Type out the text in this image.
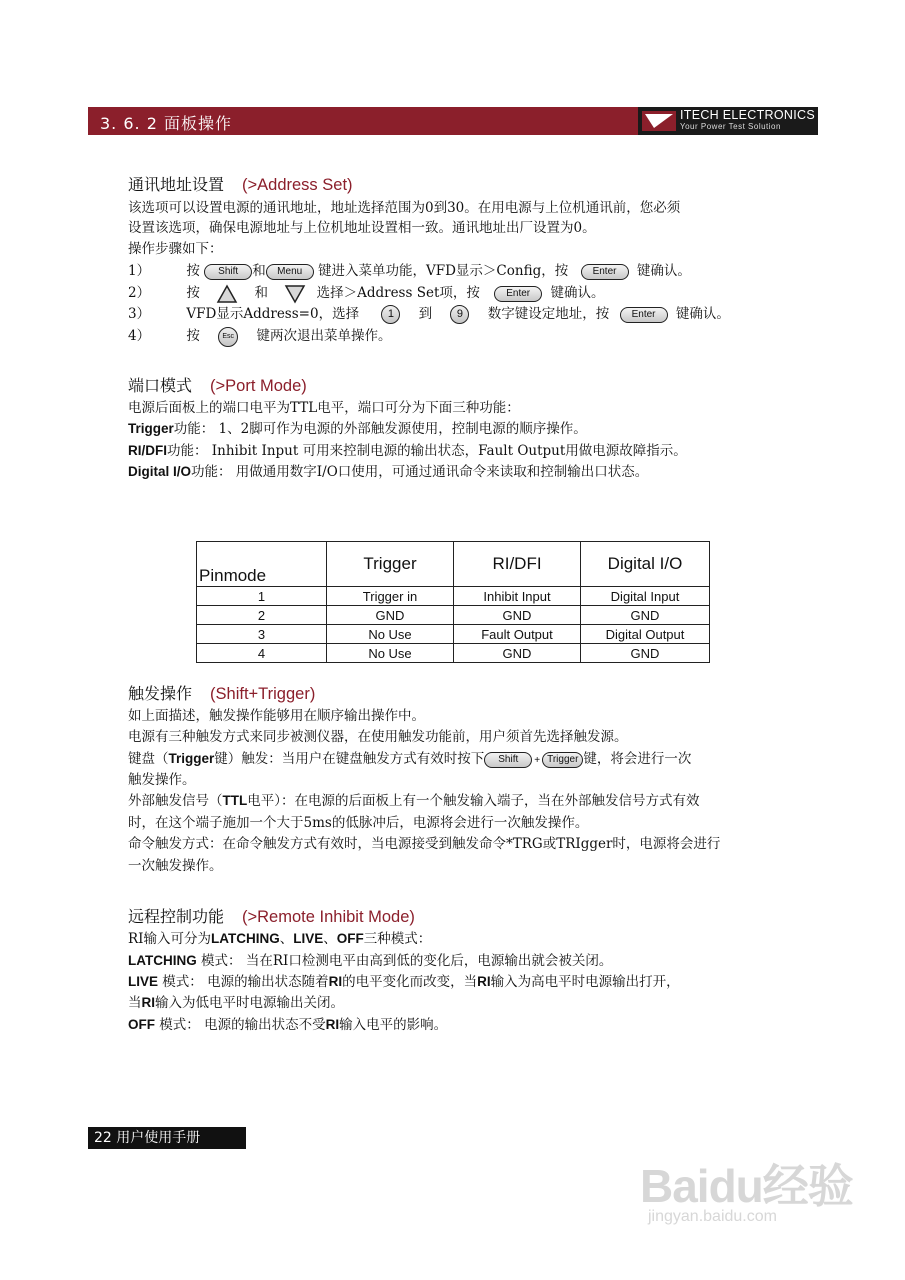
3. 6. 2 面板操作	ITECH ELECTRONICS
Your Power Test Solution
通讯地址设置 (>Address Set)
该选项可以设置电源的通讯地址，地址选择范围为0到30。在用电源与上位机通讯前，您必须
设置该选项，确保电源地址与上位机地址设置相一致。通讯地址出厂设置为0。
操作步骤如下：
1）	按 Shift 和 Menu 键进入菜单功能，VFD显示＞Config，按 Enter 键确认。
2）	按	和	选择＞Address Set项，按	Enter 键确认。
3）	VFD显示Address=0，选择	1 到 9 数字键设定地址，按 Enter 键确认。
4）	按	Esc 键两次退出菜单操作。
端口模式 (>Port Mode)
电源后面板上的端口电平为TTL电平，端口可分为下面三种功能：
Trigger功能： 1、2脚可作为电源的外部触发源使用，控制电源的顺序操作。
RI/DFI功能： Inhibit Input 可用来控制电源的输出状态，Fault Output用做电源故障指示。
Digital I/O功能： 用做通用数字I/O口使用，可通过通讯命令来读取和控制输出口状态。
Pinmode	Trigger	RI/DFI	Digital I/O
1	Trigger in	Inhibit Input	Digital Input
2	GND	GND	GND
3	No Use	Fault Output	Digital Output
4	No Use	GND	GND
触发操作 (Shift+Trigger)
如上面描述，触发操作能够用在顺序输出操作中。
电源有三种触发方式来同步被测仪器，在使用触发功能前，用户须首先选择触发源。
键盘（Trigger键）触发：当用户在键盘触发方式有效时按下 Shift + Trigger 键，将会进行一次
触发操作。
外部触发信号（TTL电平）：在电源的后面板上有一个触发输入端子，当在外部触发信号方式有效
时，在这个端子施加一个大于5ms的低脉冲后，电源将会进行一次触发操作。
命令触发方式：在命令触发方式有效时，当电源接受到触发命令*TRG或TRIgger时，电源将会进行
一次触发操作。
远程控制功能 (>Remote Inhibit Mode)
RI输入可分为LATCHING、LIVE、OFF三种模式：
LATCHING 模式： 当在RI口检测电平由高到低的变化后，电源输出就会被关闭。
LIVE 模式： 电源的输出状态随着RI的电平变化而改变，当RI输入为高电平时电源输出打开，
当RI输入为低电平时电源输出关闭。
OFF 模式： 电源的输出状态不受RI输入电平的影响。
22 用户使用手册
Baidu经验
jingyan.baidu.com
